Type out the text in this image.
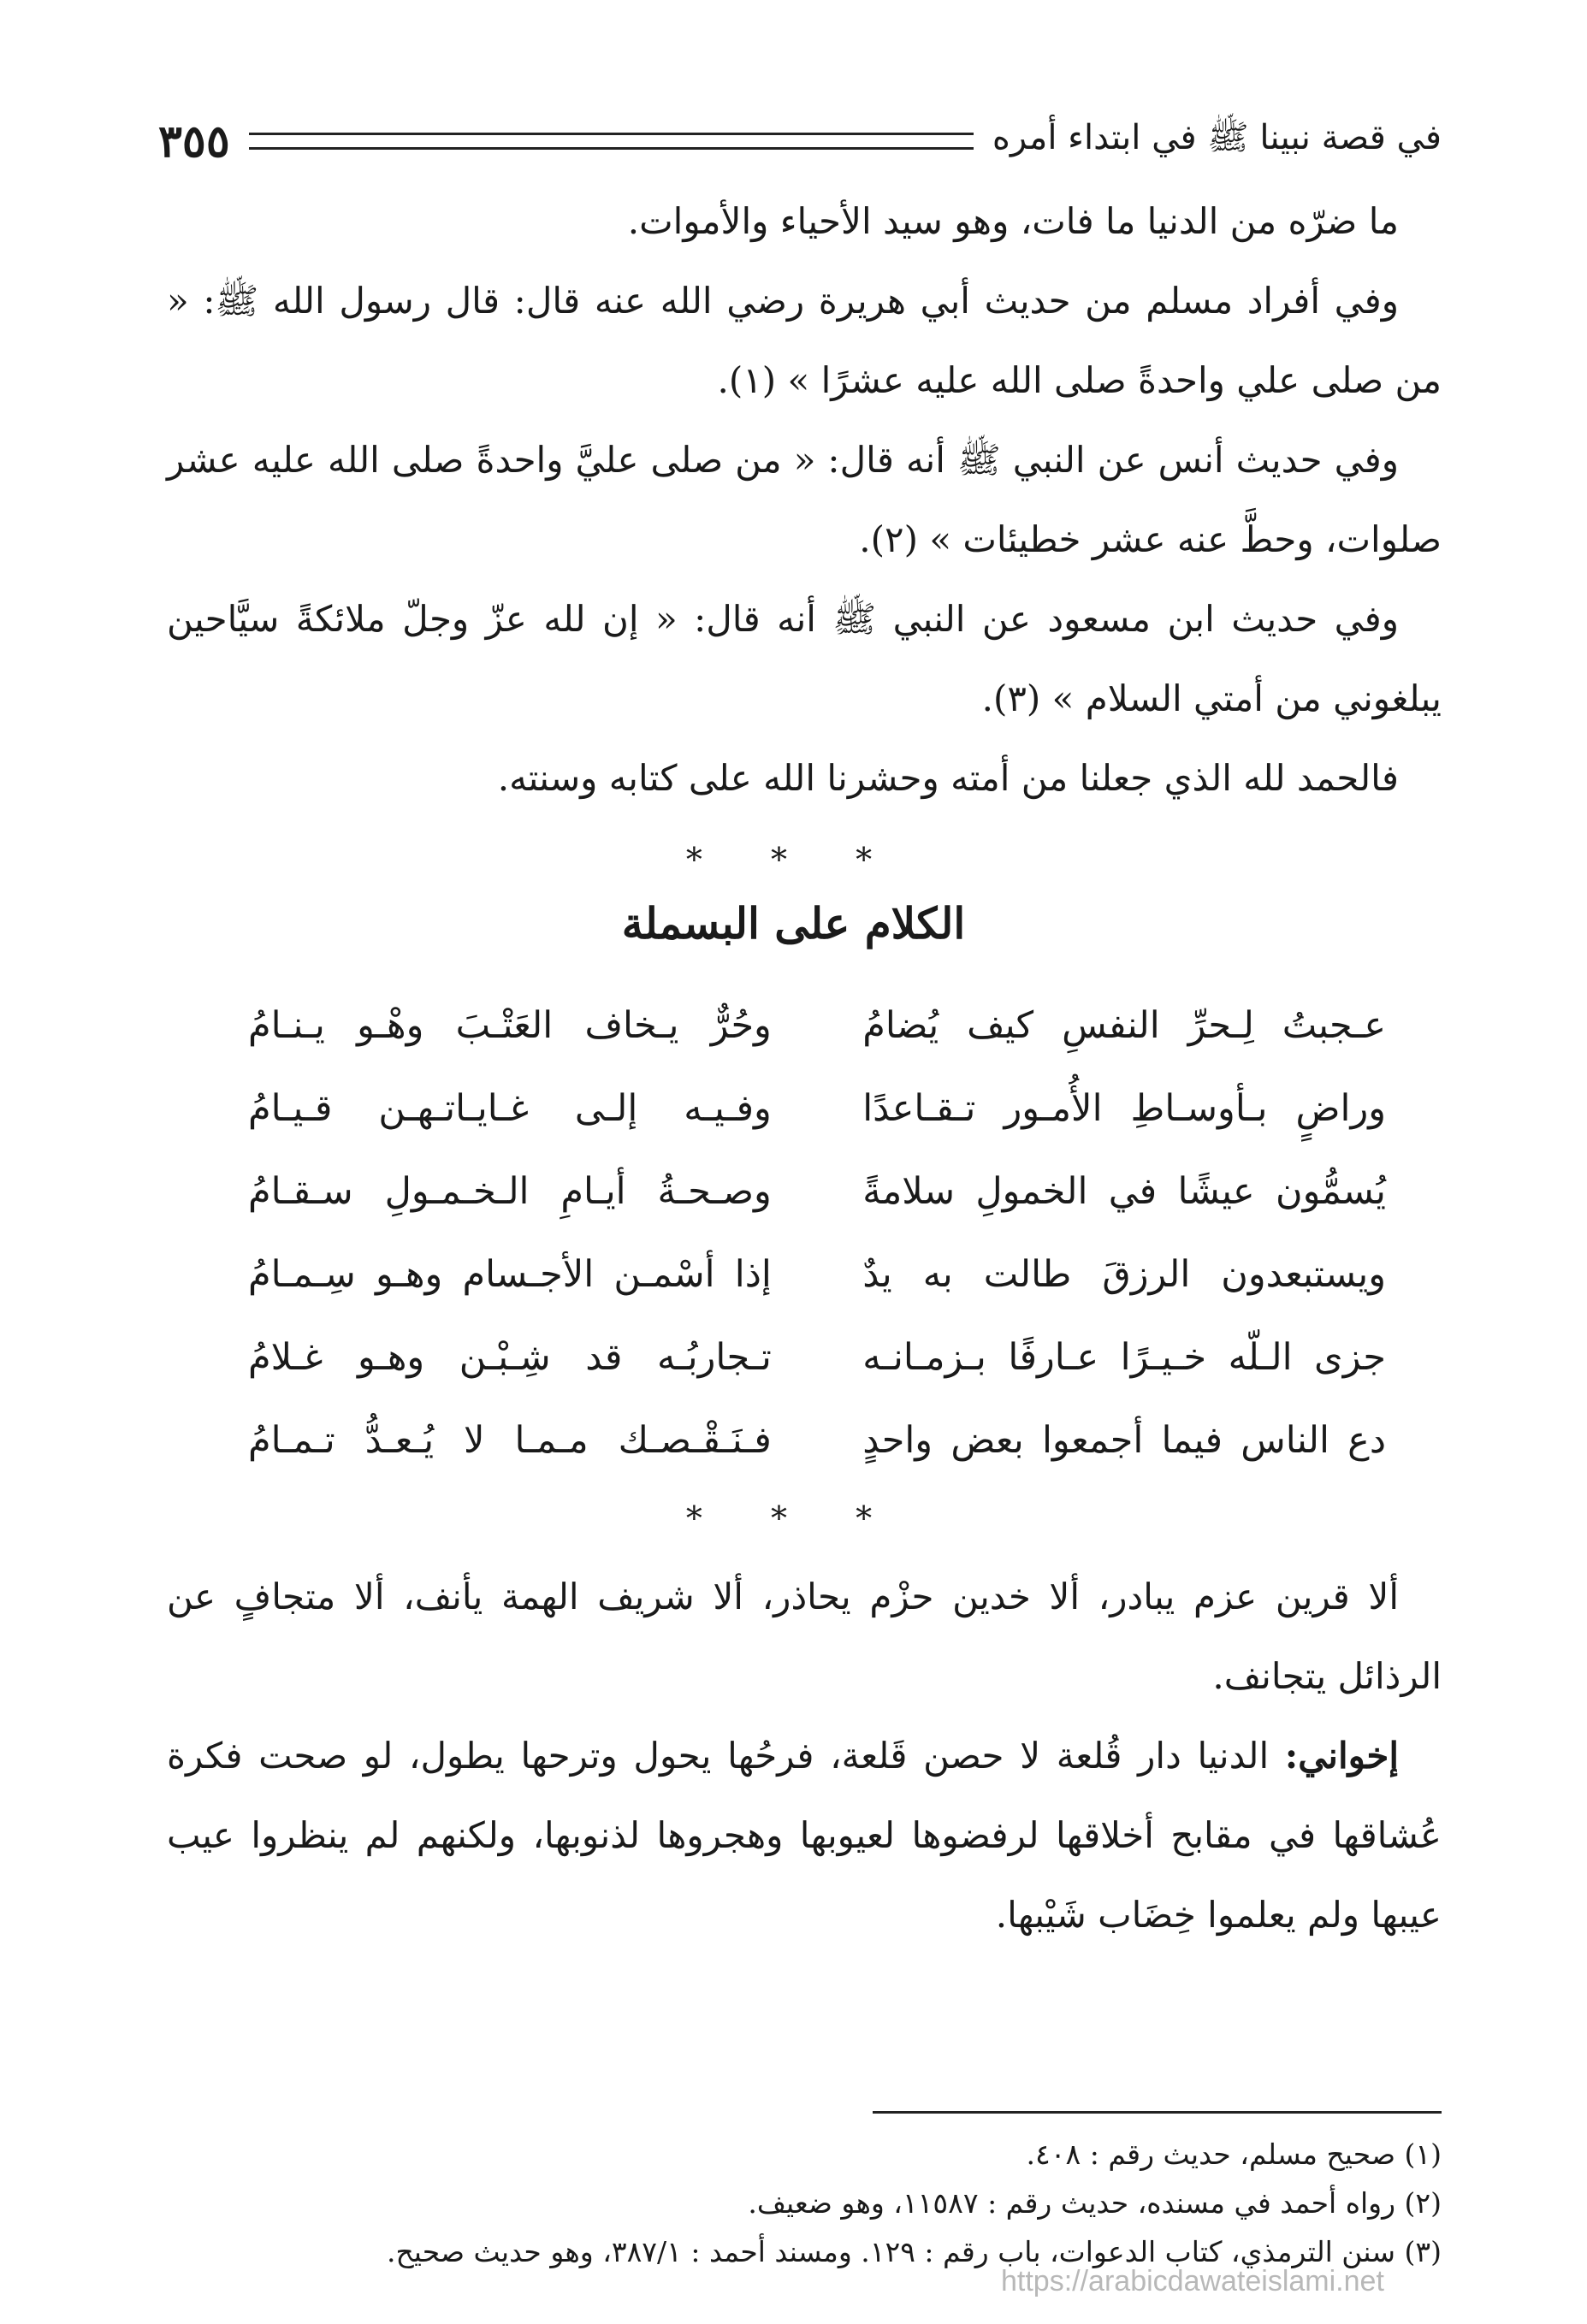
في قصة نبينا ﷺ في ابتداء أمره
٣٥٥

ما ضرّه من الدنيا ما فات، وهو سيد الأحياء والأموات.

وفي أفراد مسلم من حديث أبي هريرة رضي الله عنه قال: قال رسول الله ﷺ: « من صلى علي واحدةً صلى الله عليه عشرًا » (١).

وفي حديث أنس عن النبي ﷺ أنه قال: « من صلى عليَّ واحدةً صلى الله عليه عشر صلوات، وحطَّ عنه عشر خطيئات » (٢).

وفي حديث ابن مسعود عن النبي ﷺ أنه قال: « إن لله عزّ وجلّ ملائكةً سيَّاحين يبلغوني من أمتي السلام » (٣).

فالحمد لله الذي جعلنا من أمته وحشرنا الله على كتابه وسنته.

* * *
الكلام على البسملة
عـجبتُ لِـحرِّ النفسِ كيف يُضامُ
وحُرٌّ يـخاف العَتْـبَ وهْـو يـنـامُ
وراضٍ بـأوسـاطِ الأُمـور تـقـاعدًا
وفـيـه إلـى غـايـاتـهـن قـيـامُ
يُسمُّون عيشًا في الخمولِ سلامةً
وصـحـةُ أيـامِ الـخـمـولِ سـقـامُ
ويستبعدون الرزقَ طالت به يدٌ
إذا أسْمـن الأجـسام وهـو سِـمـامُ
جزى الـلّه خـيـرًا عـارفًا بـزمـانـه
تـجاربُـه قد شِـبْـن وهـو غـلامُ
دع الناس فيما أجمعوا بعض واحدٍ
فـنَـقْـصـك مـمـا لا يُـعـدُّ تـمـامُ
* * *

ألا قرين عزم يبادر، ألا خدين حزْم يحاذر، ألا شريف الهمة يأنف، ألا متجافٍ عن الرذائل يتجانف.

إخواني: الدنيا دار قُلعة لا حصن قَلعة، فرحُها يحول وترحها يطول، لو صحت فكرة عُشاقها في مقابح أخلاقها لرفضوها لعيوبها وهجروها لذنوبها، ولكنهم لم ينظروا عيب عيبها ولم يعلموا خِضَاب شَيْبها.

(١) صحيح مسلم، حديث رقم : ٤٠٨.

(٢) رواه أحمد في مسنده، حديث رقم : ١١٥٨٧، وهو ضعيف.

(٣) سنن الترمذي، كتاب الدعوات، باب رقم : ١٢٩. ومسند أحمد : ٣٨٧/١، وهو حديث صحيح.

https://arabicdawateislami.net
